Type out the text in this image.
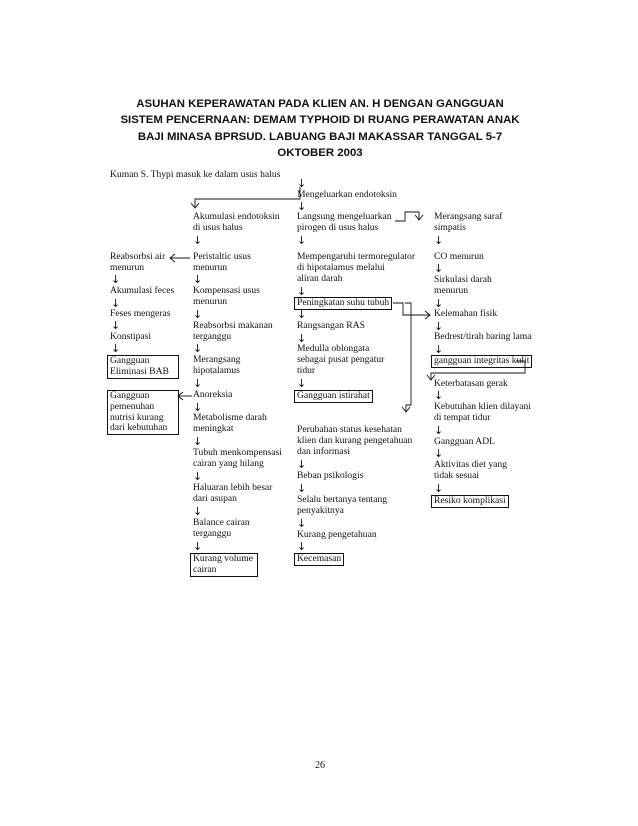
ASUHAN KEPERAWATAN PADA KLIEN AN. H DENGAN GANGGUAN
SISTEM PENCERNAAN: DEMAM TYPHOID DI RUANG PERAWATAN ANAK
BAJI MINASA BPRSUD. LABUANG BAJI MAKASSAR TANGGAL 5-7
OKTOBER 2003
Kuman S. Thypi masuk ke dalam usus halus
Reabsorbsi air
menurun
↓
Akumulasi feces
↓
Feses mengeras
↓
Konstipasi
↓
Gangguan
Eliminasi BAB
Gangguan
pemenuhan
nutrisi kurang
dari kebutuhan
Akumulasi endotoksin
di usus halus
↓
Peristaltic usus
menurun
↓
Kompensasi usus
menurun
↓
Reabsorbsi makanan
terganggu
↓
Merangsang
hipotalamus
↓
Anoreksia
↓
Metabolisme darah
meningkat
↓
Tubuh menkompensasi
cairan yang hilang
↓
Haluaran lebih besar
dari asupan
↓
Balance cairan
terganggu
↓
Kurang volume
cairan
↓
Mengeluarkan endotoksin
↓
Langsung mengeluarkan
pirogen di usus halus
↓
Mempengaruhi termoregulator
di hipotalamus melalui
aliran darah
↓
Peningkatan suhu tubuh
↓
Rangsangan RAS
↓
Medulla oblongata
sebagai pusat pengatur
tidur
↓
Gangguan istirahat
Perubahan status kesehatan
klien dan kurang pengetahuan
dan informasi
↓
Beban psikologis
↓
Selalu bertanya tentang
penyakitnya
↓
Kurang pengetahuan
↓
Kecemasan
Merangsang saraf
simpatis
↓
CO menurun
↓
Sirkulasi darah
menurun
↓
Kelemahan fisik
↓
Bedrest/tirah baring lama
↓
gangguan integritas kulit
Keterbatasan gerak
↓
Kebutuhan klien dilayani
di tempat tidur
↓
Gangguan ADL
↓
Aktivitas diet yang
tidak sesuai
↓
Resiko komplikasi
26
